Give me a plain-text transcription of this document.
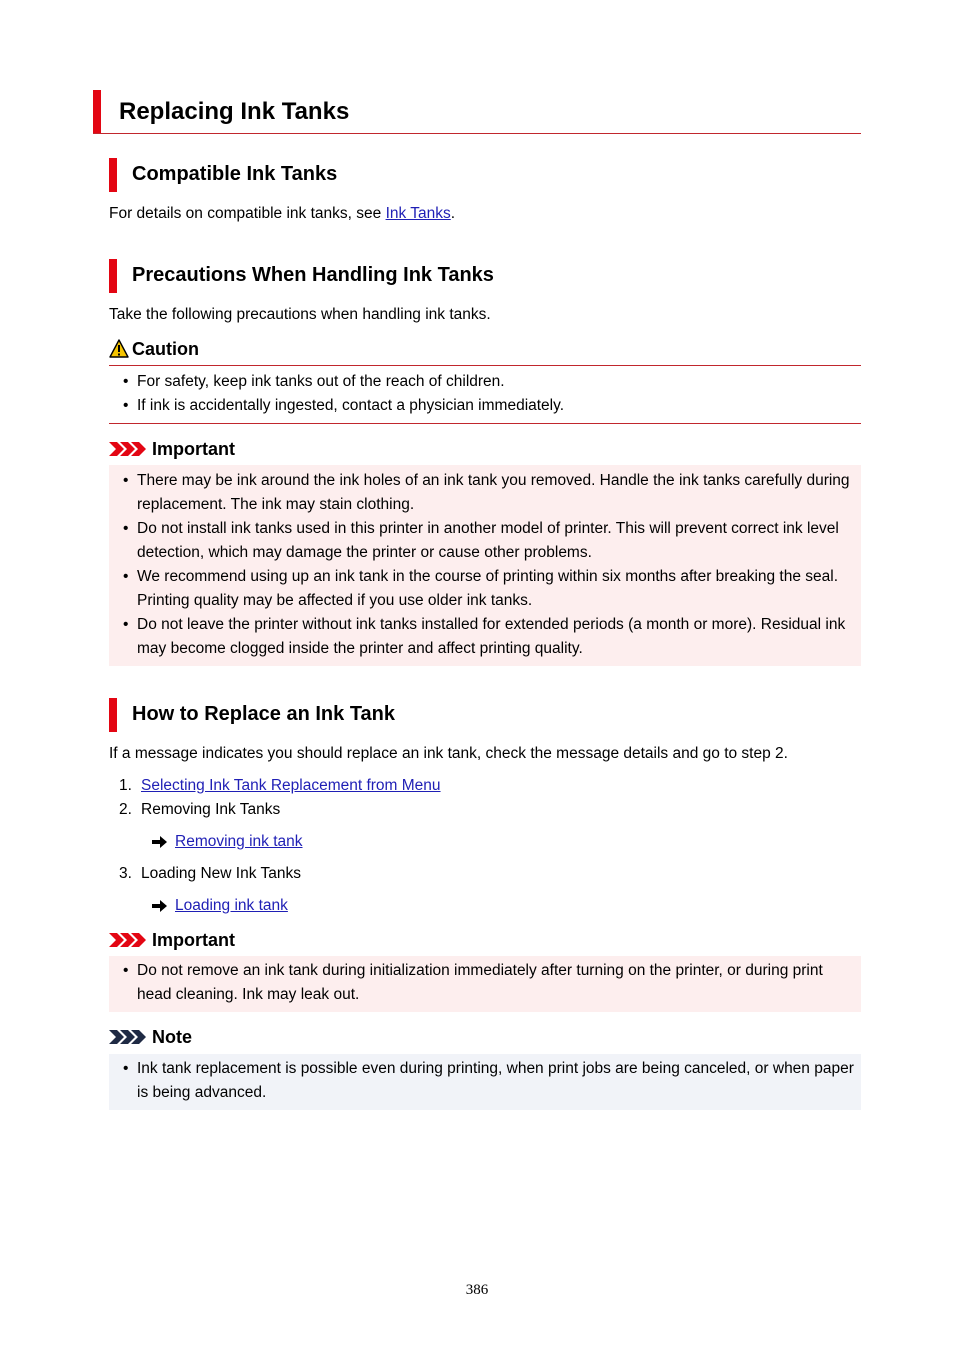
Replacing Ink Tanks
Compatible Ink Tanks
For details on compatible ink tanks, see Ink Tanks.
Precautions When Handling Ink Tanks
Take the following precautions when handling ink tanks.
Caution
• For safety, keep ink tanks out of the reach of children.
• If ink is accidentally ingested, contact a physician immediately.
Important
• There may be ink around the ink holes of an ink tank you removed. Handle the ink tanks carefully during replacement. The ink may stain clothing.
• Do not install ink tanks used in this printer in another model of printer. This will prevent correct ink level detection, which may damage the printer or cause other problems.
• We recommend using up an ink tank in the course of printing within six months after breaking the seal. Printing quality may be affected if you use older ink tanks.
• Do not leave the printer without ink tanks installed for extended periods (a month or more). Residual ink may become clogged inside the printer and affect printing quality.
How to Replace an Ink Tank
If a message indicates you should replace an ink tank, check the message details and go to step 2.
1. Selecting Ink Tank Replacement from Menu
2. Removing Ink Tanks
Removing ink tank
3. Loading New Ink Tanks
Loading ink tank
Important
• Do not remove an ink tank during initialization immediately after turning on the printer, or during print head cleaning. Ink may leak out.
Note
• Ink tank replacement is possible even during printing, when print jobs are being canceled, or when paper is being advanced.
386
